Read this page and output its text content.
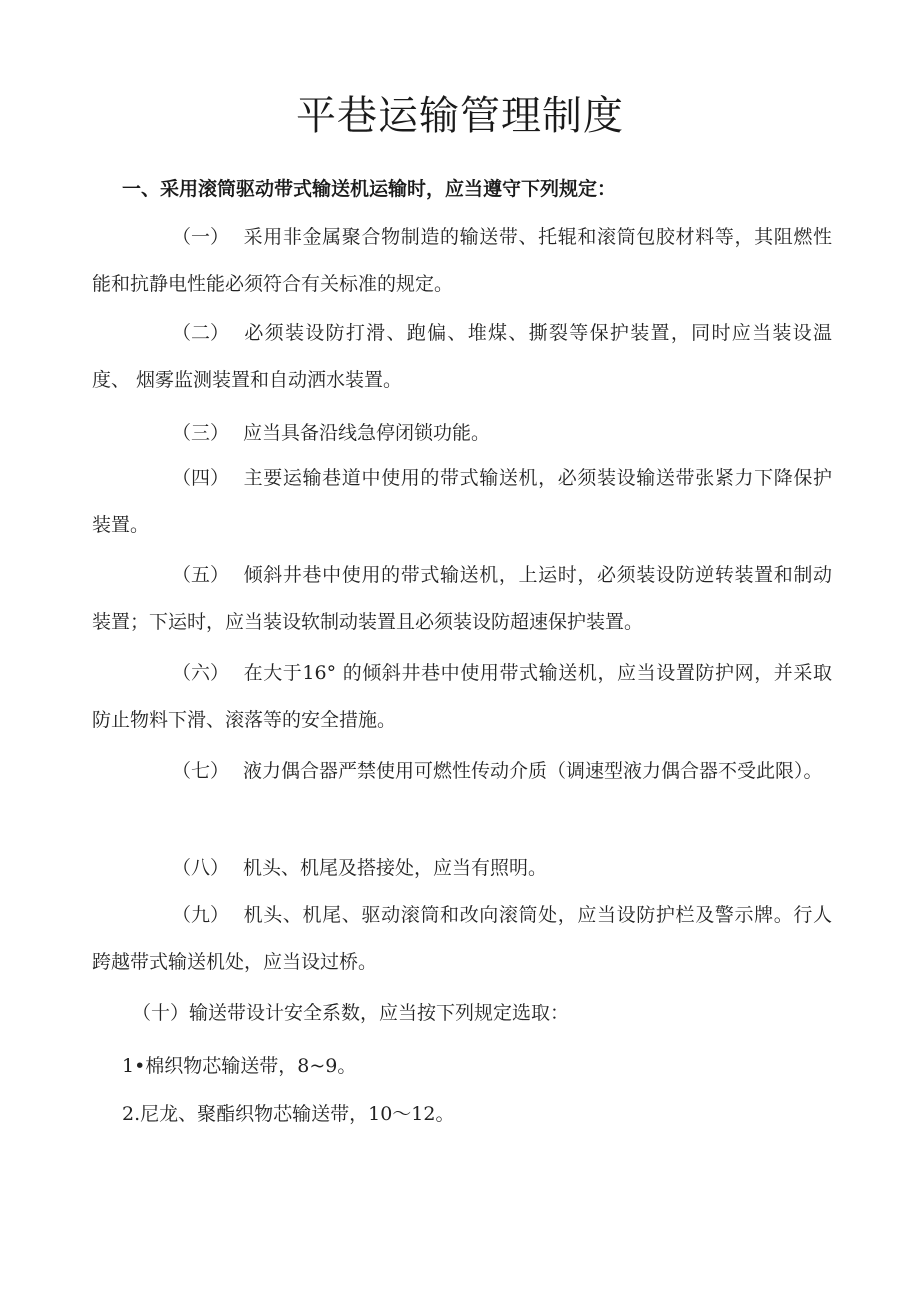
平巷运输管理制度
一、采用滚筒驱动带式输送机运输时，应当遵守下列规定：
（一） 采用非金属聚合物制造的输送带、托辊和滚筒包胶材料等，其阻燃性 能和抗静电性能必须符合有关标准的规定。
（二） 必须装设防打滑、跑偏、堆煤、撕裂等保护装置，同时应当装设温度、 烟雾监测装置和自动洒水装置。
（三） 应当具备沿线急停闭锁功能。
（四） 主要运输巷道中使用的带式输送机，必须装设输送带张紧力下降保护 装置。
（五） 倾斜井巷中使用的带式输送机，上运时，必须装设防逆转装置和制动 装置；下运时，应当装设软制动装置且必须装设防超速保护装置。
（六） 在大于16° 的倾斜井巷中使用带式输送机，应当设置防护网，并采取 防止物料下滑、滚落等的安全措施。
（七） 液力偶合器严禁使用可燃性传动介质（调速型液力偶合器不受此限）。
（八） 机头、机尾及搭接处，应当有照明。
（九） 机头、机尾、驱动滚筒和改向滚筒处，应当设防护栏及警示牌。行人 跨越带式输送机处，应当设过桥。
（十）输送带设计安全系数，应当按下列规定选取：
1•棉织物芯输送带，8~9。
2.尼龙、聚酯织物芯输送带，10～12。
